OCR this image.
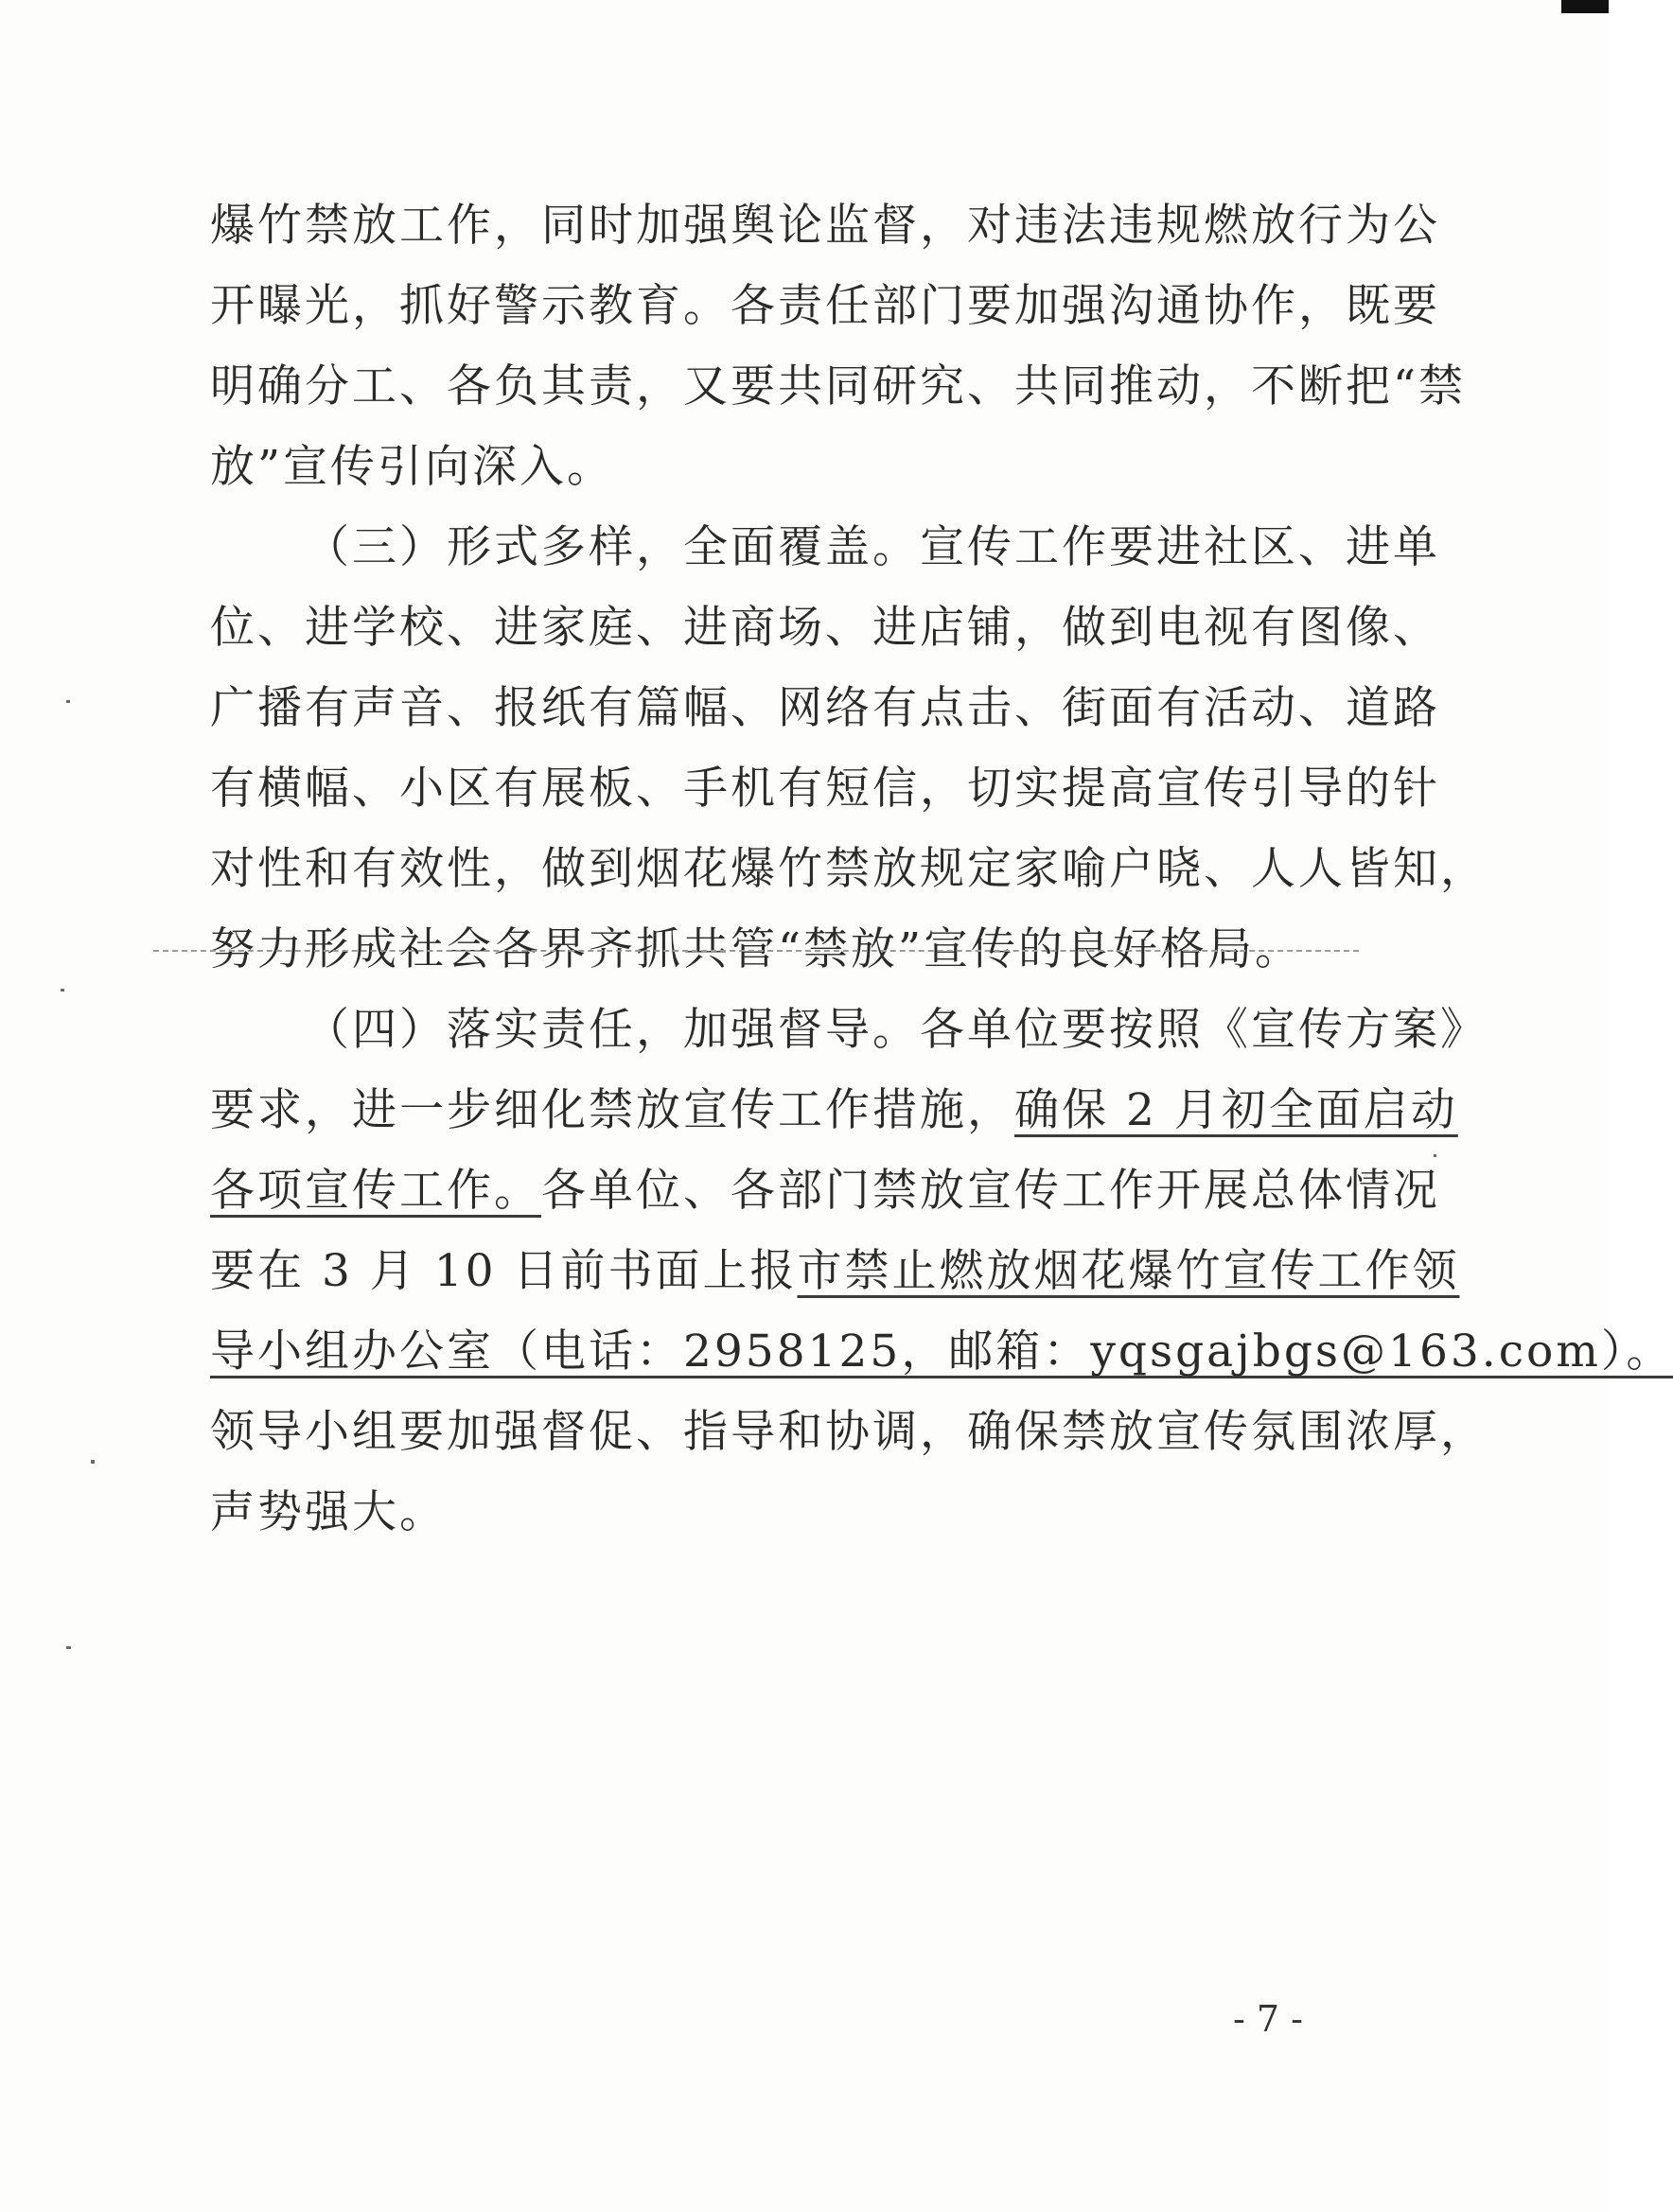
爆竹禁放工作，同时加强舆论监督，对违法违规燃放行为公
开曝光，抓好警示教育。各责任部门要加强沟通协作，既要
明确分工、各负其责，又要共同研究、共同推动，不断把“禁
放”宣传引向深入。
（三）形式多样，全面覆盖。宣传工作要进社区、进单
位、进学校、进家庭、进商场、进店铺，做到电视有图像、
广播有声音、报纸有篇幅、网络有点击、街面有活动、道路
有横幅、小区有展板、手机有短信，切实提高宣传引导的针
对性和有效性，做到烟花爆竹禁放规定家喻户晓、人人皆知，
努力形成社会各界齐抓共管“禁放”宣传的良好格局。
（四）落实责任，加强督导。各单位要按照《宣传方案》
要求，进一步细化禁放宣传工作措施，确保 2 月初全面启动
各项宣传工作。各单位、各部门禁放宣传工作开展总体情况
要在 3 月 10 日前书面上报市禁止燃放烟花爆竹宣传工作领
导小组办公室（电话：2958125，邮箱：yqsgajbgs@163.com）。
领导小组要加强督促、指导和协调，确保禁放宣传氛围浓厚，
声势强大。
- 7 -
